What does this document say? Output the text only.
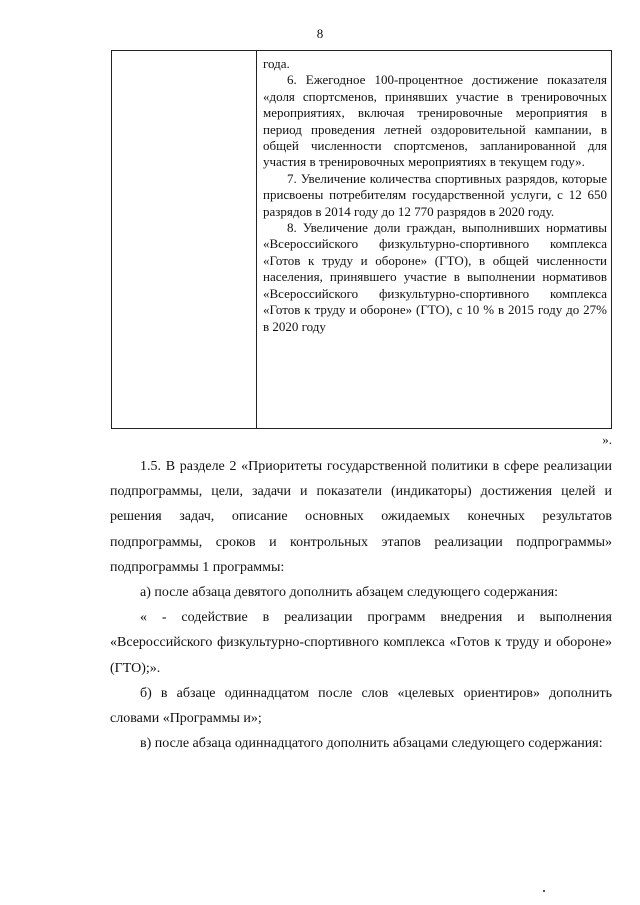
8

года.

6. Ежегодное 100-процентное достижение показателя «доля спортсменов, принявших участие в тренировочных мероприятиях, включая тренировочные мероприятия в период проведения летней оздоровительной кампании, в общей численности спортсменов, запланированной для участия в тренировочных мероприятиях в текущем году».

7. Увеличение количества спортивных разрядов, которые присвоены потребителям государственной услуги, с 12 650 разрядов в 2014 году до 12 770 разрядов в 2020 году.

8. Увеличение доли граждан, выполнивших нормативы «Всероссийского физкультурно-спортивного комплекса «Готов к труду и обороне» (ГТО), в общей численности населения, принявшего участие в выполнении нормативов «Всероссийского физкультурно-спортивного комплекса «Готов к труду и обороне» (ГТО), с 10 % в 2015 году до 27% в 2020 году

».

1.5. В разделе 2 «Приоритеты государственной политики в сфере реализации подпрограммы, цели, задачи и показатели (индикаторы) достижения целей и решения задач, описание основных ожидаемых конечных результатов подпрограммы, сроков и контрольных этапов реализации подпрограммы» подпрограммы 1 программы:

а) после абзаца девятого дополнить абзацем следующего содержания:

« - содействие в реализации программ внедрения и выполнения «Всероссийского физкультурно-спортивного комплекса «Готов к труду и обороне» (ГТО);».

б) в абзаце одиннадцатом после слов «целевых ориентиров» дополнить словами «Программы и»;

в) после абзаца одиннадцатого дополнить абзацами следующего содержания:
